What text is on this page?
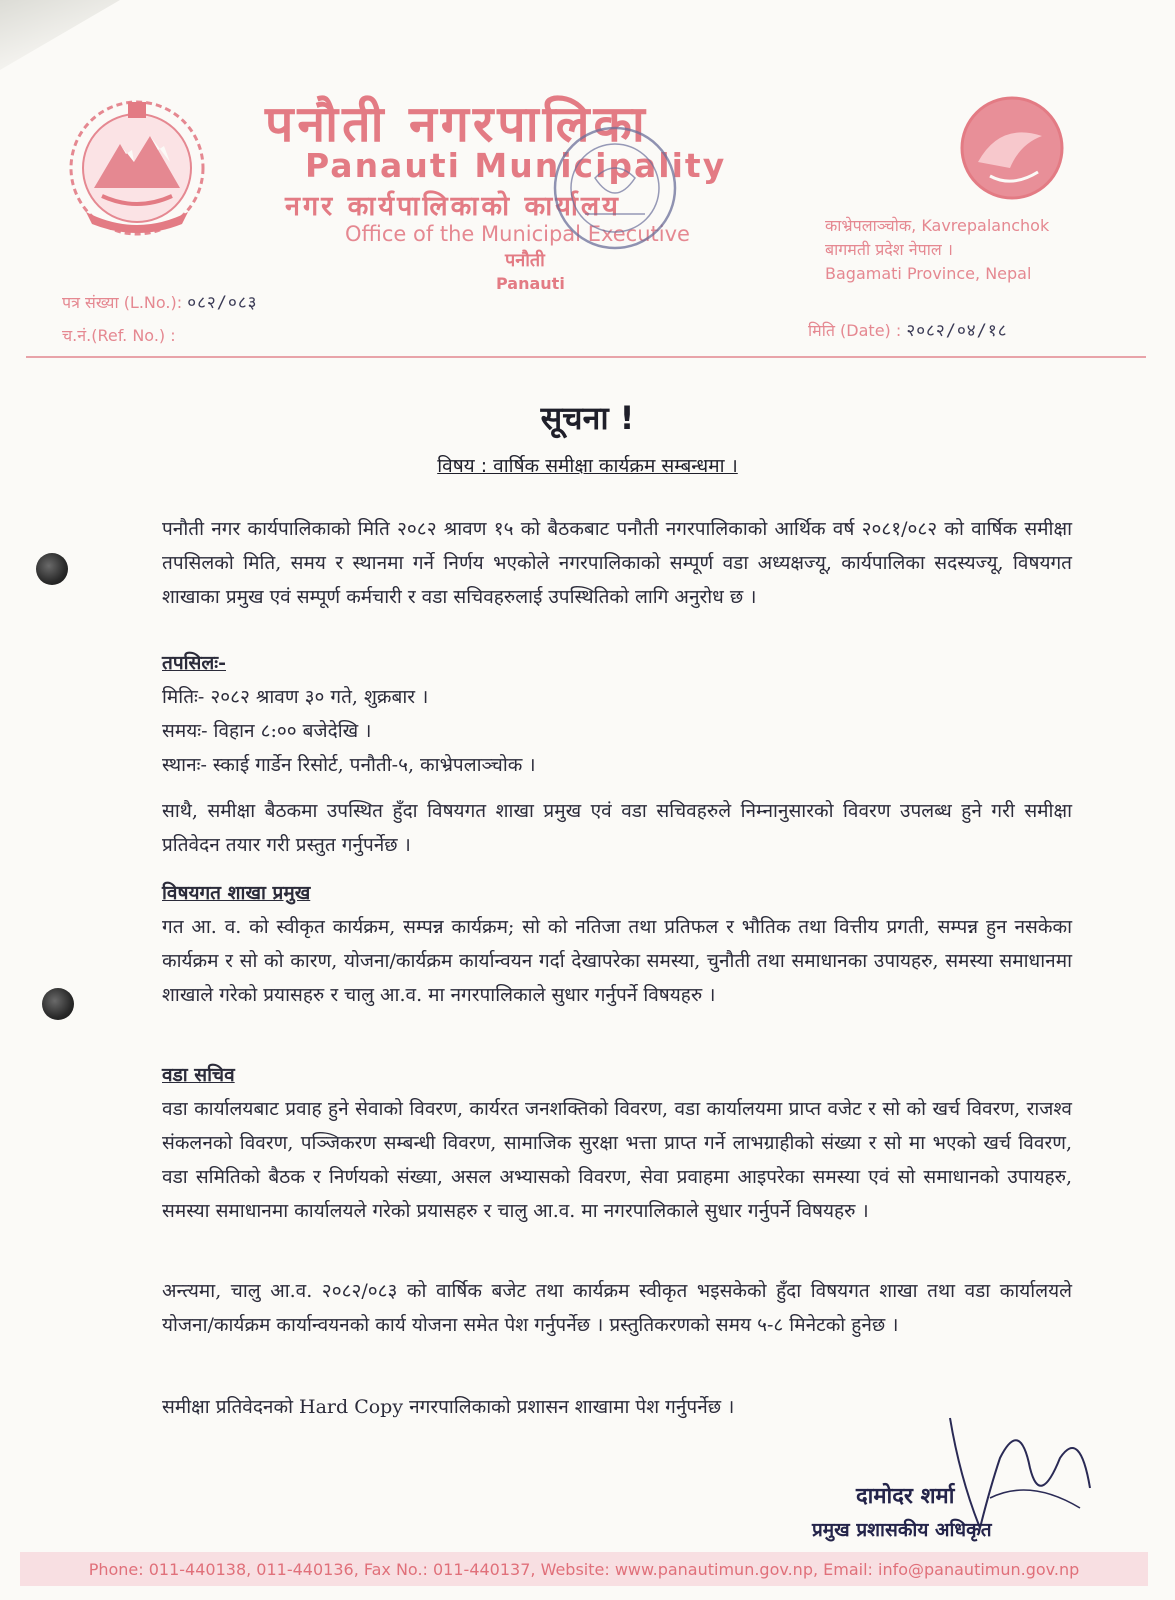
पनौती नगरपालिका
Panauti Municipality
नगर कार्यपालिकाको कार्यालय
Office of the Municipal Executive
पनौती
Panauti
काभ्रेपलाञ्चोक, Kavrepalanchok
बागमती प्रदेश नेपाल ।
Bagamati Province, Nepal
पत्र संख्या (L.No.): ०८२/०८३
च.नं.(Ref. No.) :	मिति (Date) : २०८२/०४/१८
सूचना !
विषय : वार्षिक समीक्षा कार्यक्रम सम्बन्धमा ।
पनौती नगर कार्यपालिकाको मिति २०८२ श्रावण १५ को बैठकबाट पनौती नगरपालिकाको आर्थिक वर्ष २०८१/०८२ को वार्षिक समीक्षा तपसिलको मिति, समय र स्थानमा गर्ने निर्णय भएकोले नगरपालिकाको सम्पूर्ण वडा अध्यक्षज्यू, कार्यपालिका सदस्यज्यू, विषयगत शाखाका प्रमुख एवं सम्पूर्ण कर्मचारी र वडा सचिवहरुलाई उपस्थितिको लागि अनुरोध छ ।
तपसिलः-
मितिः- २०८२ श्रावण ३० गते, शुक्रबार ।
समयः- विहान ८:०० बजेदेखि ।
स्थानः- स्काई गार्डेन रिसोर्ट, पनौती-५, काभ्रेपलाञ्चोक ।
साथै, समीक्षा बैठकमा उपस्थित हुँदा विषयगत शाखा प्रमुख एवं वडा सचिवहरुले निम्नानुसारको विवरण उपलब्ध हुने गरी समीक्षा प्रतिवेदन तयार गरी प्रस्तुत गर्नुपर्नेछ ।
विषयगत शाखा प्रमुख
गत आ. व. को स्वीकृत कार्यक्रम, सम्पन्न कार्यक्रम; सो को नतिजा तथा प्रतिफल र भौतिक तथा वित्तीय प्रगती, सम्पन्न हुन नसकेका कार्यक्रम र सो को कारण, योजना/कार्यक्रम कार्यान्वयन गर्दा देखापरेका समस्या, चुनौती तथा समाधानका उपायहरु, समस्या समाधानमा शाखाले गरेको प्रयासहरु र चालु आ.व. मा नगरपालिकाले सुधार गर्नुपर्ने विषयहरु ।
वडा सचिव
वडा कार्यालयबाट प्रवाह हुने सेवाको विवरण, कार्यरत जनशक्तिको विवरण, वडा कार्यालयमा प्राप्त वजेट र सो को खर्च विवरण, राजश्व संकलनको विवरण, पञ्जिकरण सम्बन्धी विवरण, सामाजिक सुरक्षा भत्ता प्राप्त गर्ने लाभग्राहीको संख्या र सो मा भएको खर्च विवरण, वडा समितिको बैठक र निर्णयको संख्या, असल अभ्यासको विवरण, सेवा प्रवाहमा आइपरेका समस्या एवं सो समाधानको उपायहरु, समस्या समाधानमा कार्यालयले गरेको प्रयासहरु र चालु आ.व. मा नगरपालिकाले सुधार गर्नुपर्ने विषयहरु ।
अन्त्यमा, चालु आ.व. २०८२/०८३ को वार्षिक बजेट तथा कार्यक्रम स्वीकृत भइसकेको हुँदा विषयगत शाखा तथा वडा कार्यालयले योजना/कार्यक्रम कार्यान्वयनको कार्य योजना समेत पेश गर्नुपर्नेछ । प्रस्तुतिकरणको समय ५-८ मिनेटको हुनेछ ।
समीक्षा प्रतिवेदनको Hard Copy नगरपालिकाको प्रशासन शाखामा पेश गर्नुपर्नेछ ।
दामोदर शर्मा
प्रमुख प्रशासकीय अधिकृत
Phone: 011-440138, 011-440136, Fax No.: 011-440137, Website: www.panautimun.gov.np, Email: info@panautimun.gov.np
